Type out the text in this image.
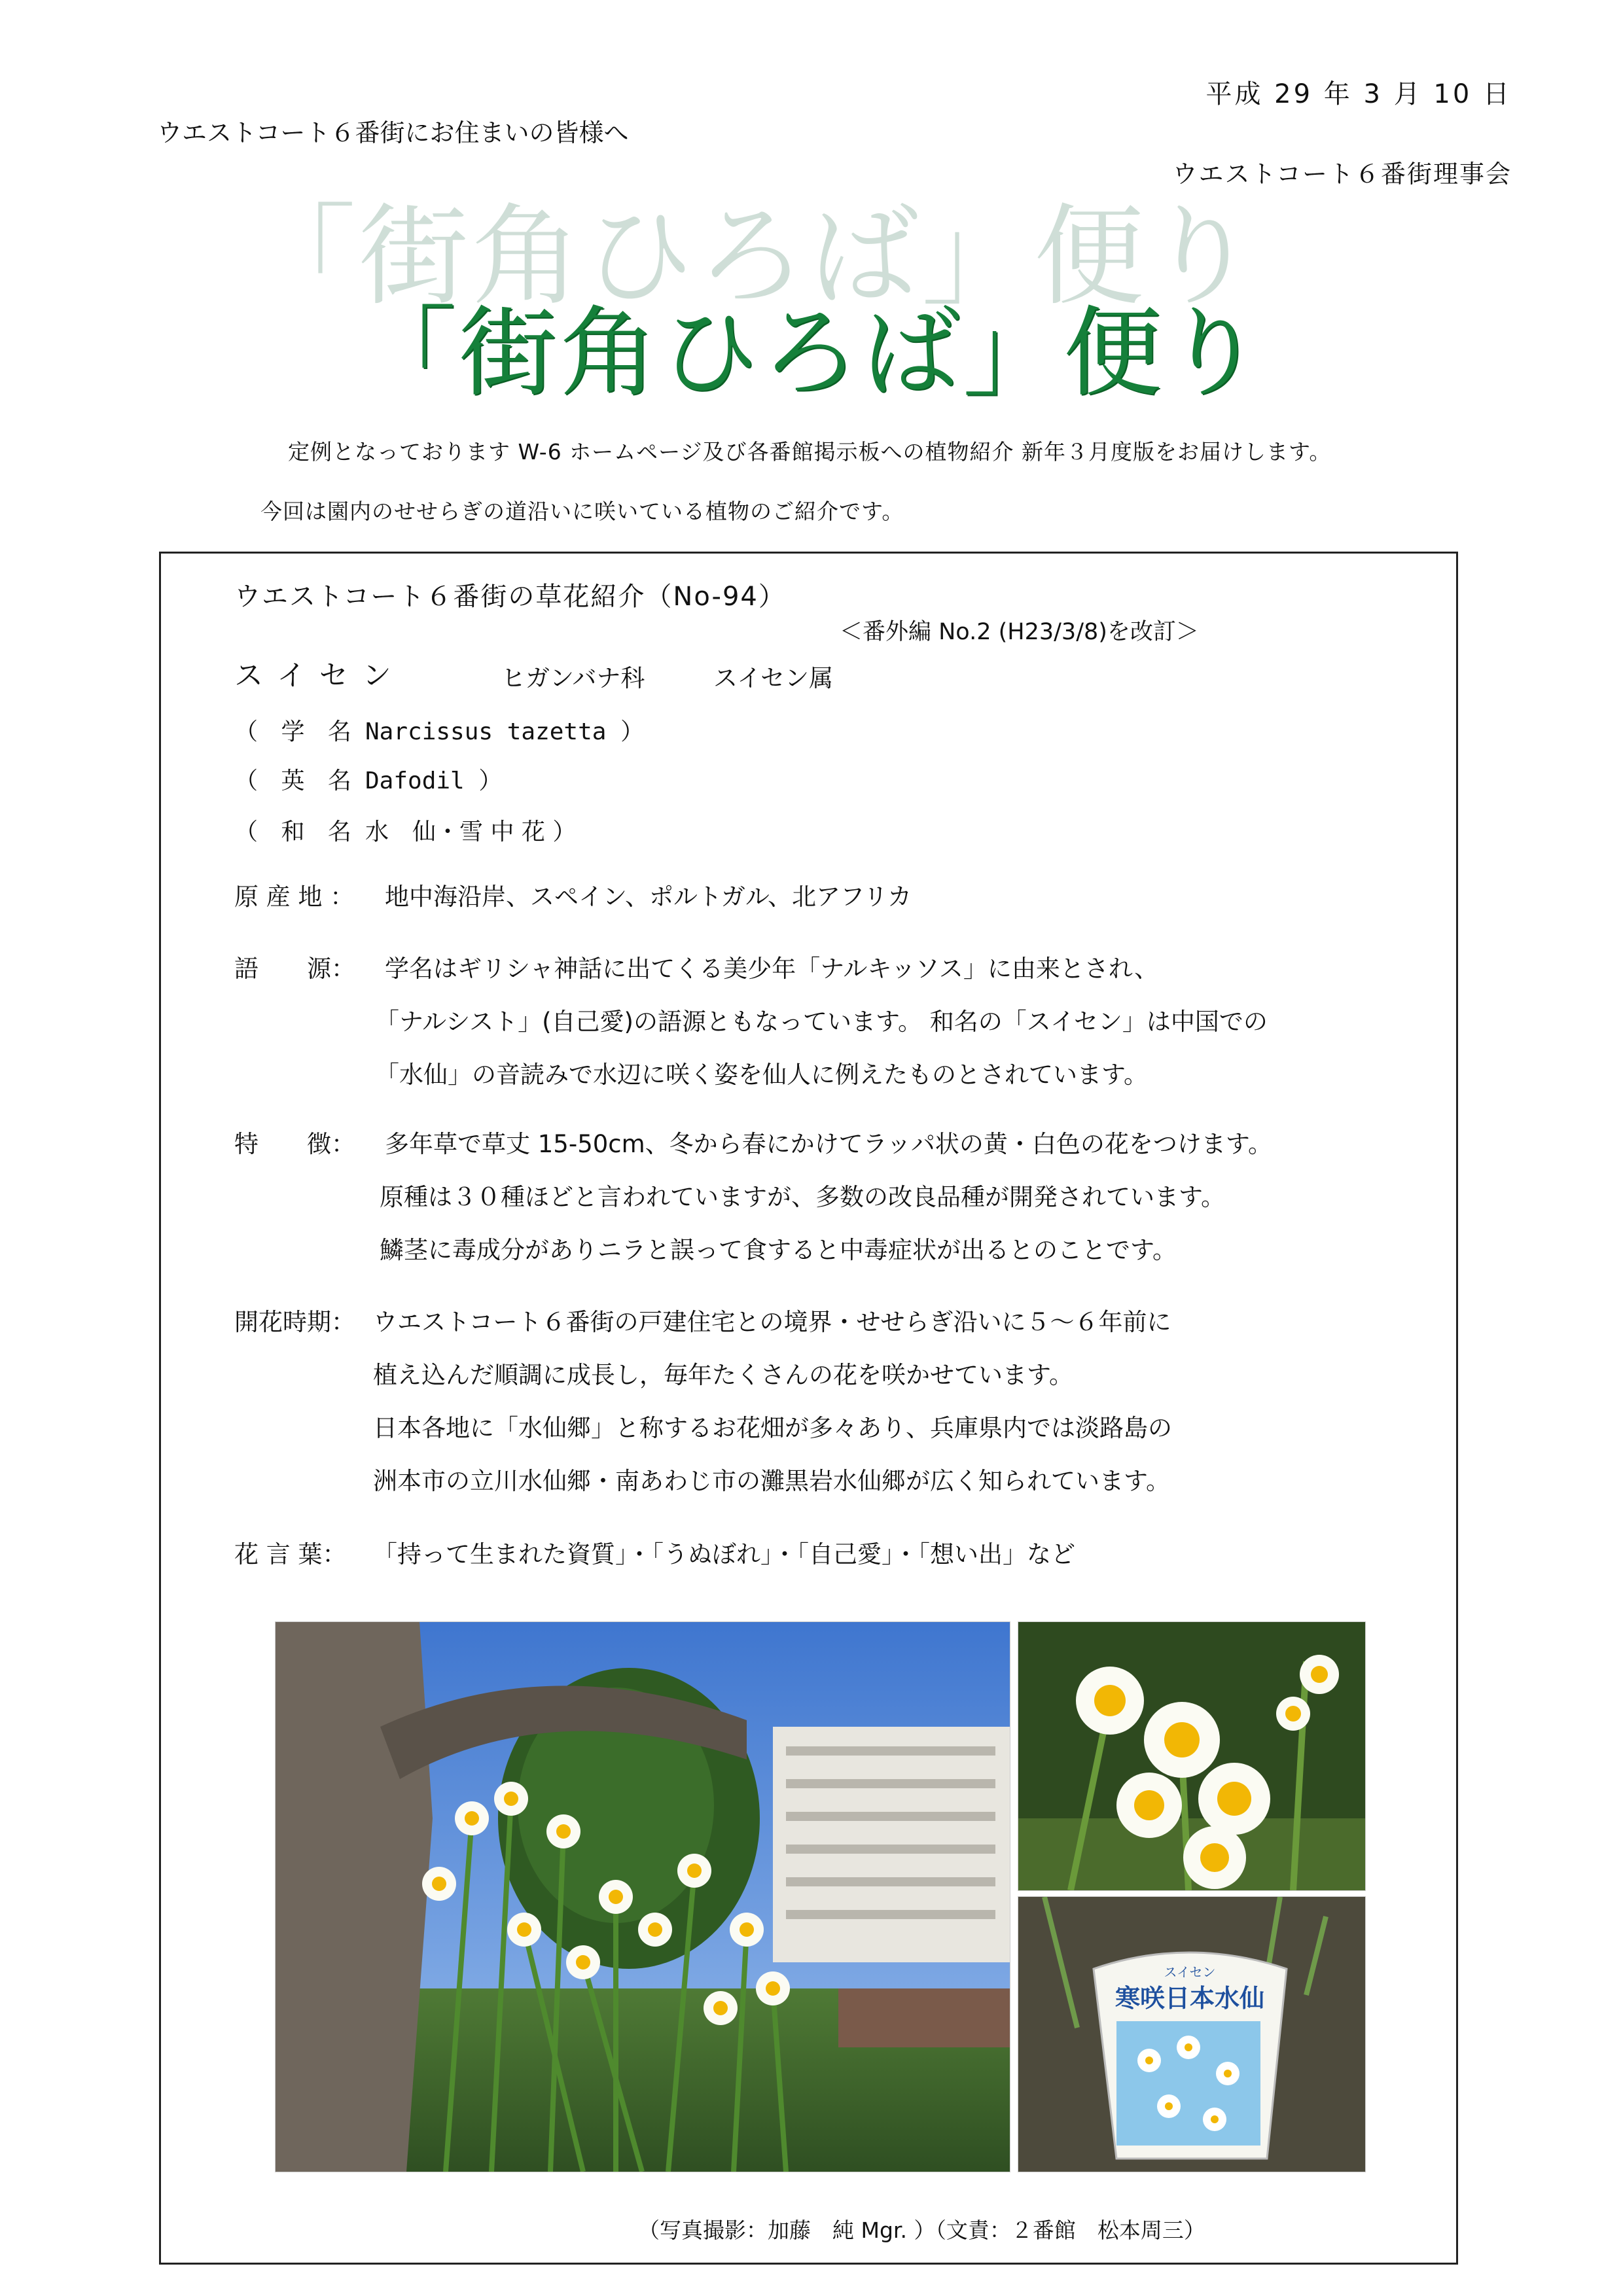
平成 29 年 3 月 10 日
ウエストコート６番街にお住まいの皆様へ
ウエストコート６番街理事会
「街角ひろば」便り
「街角ひろば」便り
定例となっております W-6 ホームページ及び各番館掲示板への植物紹介 新年３月度版をお届けします。
今回は園内のせせらぎの道沿いに咲いている植物のご紹介です。
ウエストコート６番街の草花紹介（No-94）
＜番外編 No.2 (H23/3/8)を改訂＞
スイセン	ヒガンバナ科	スイセン属
（ 学 名 Narcissus tazetta ）
（ 英 名 Dafodil ）
（ 和 名 水　仙・雪 中 花 ）
原 産 地 ：	地中海沿岸、スペイン、ポルトガル、北アフリカ
語　　源：	学名はギリシャ神話に出てくる美少年「ナルキッソス」に由来とされ、
「ナルシスト」(自己愛)の語源ともなっています。 和名の「スイセン」は中国での
「水仙」の音読みで水辺に咲く姿を仙人に例えたものとされています。
特　　徴：	多年草で草丈 15-50cm、冬から春にかけてラッパ状の黄・白色の花をつけます。
原種は３０種ほどと言われていますが、多数の改良品種が開発されています。
鱗茎に毒成分がありニラと誤って食すると中毒症状が出るとのことです。
開花時期： ウエストコート６番街の戸建住宅との境界・せせらぎ沿いに５～６年前に
植え込んだ順調に成長し，毎年たくさんの花を咲かせています。
日本各地に「水仙郷」と称するお花畑が多々あり、兵庫県内では淡路島の
洲本市の立川水仙郷・南あわじ市の灘黒岩水仙郷が広く知られています。
花 言 葉：	「持って生まれた資質」・「うぬぼれ」・「自己愛」・「想い出」など
スイセン
寒咲日本水仙
（写真撮影：加藤　純 Mgr. ）（文責：２番館　松本周三）
